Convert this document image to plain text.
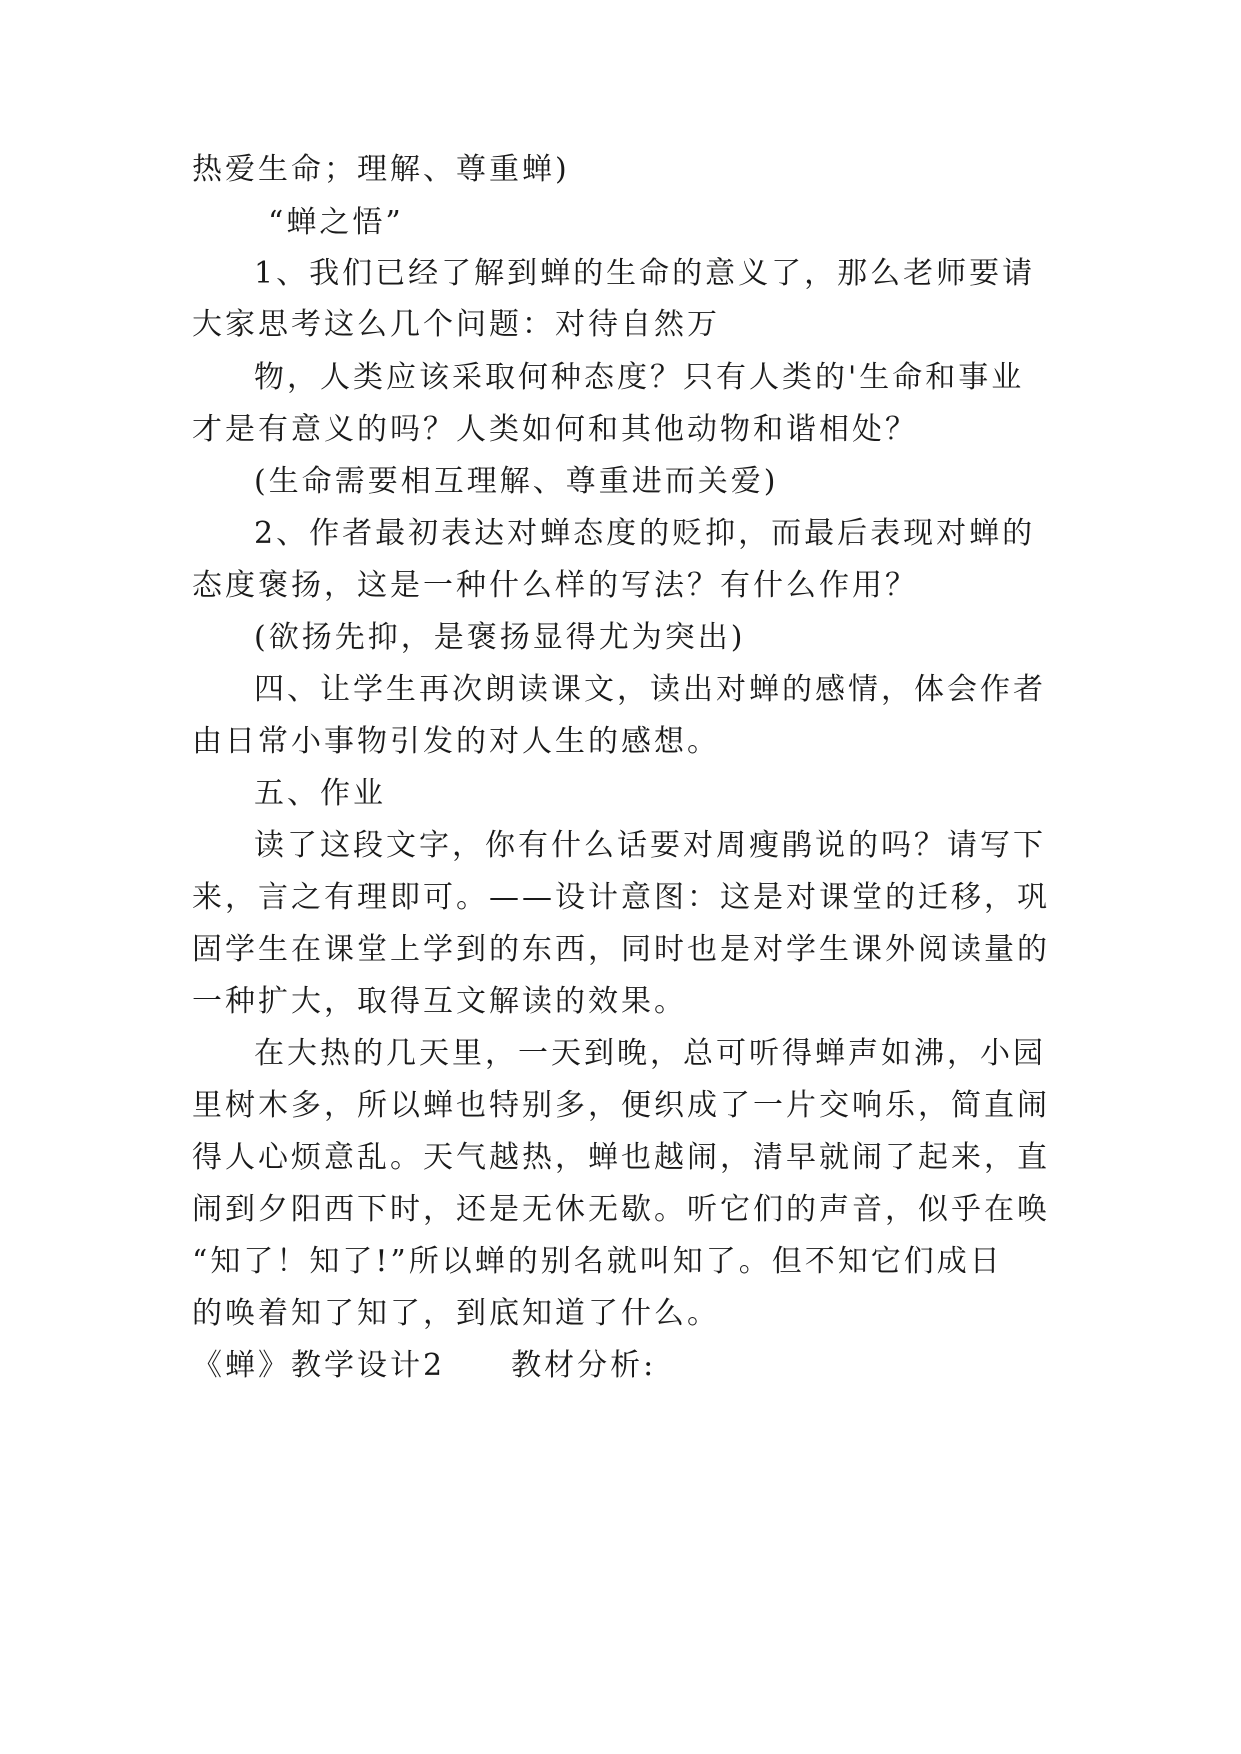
热爱生命；理解、尊重蝉)
“蝉之悟”
1、我们已经了解到蝉的生命的意义了，那么老师要请
大家思考这么几个问题：对待自然万
物，人类应该采取何种态度？只有人类的'生命和事业
才是有意义的吗？人类如何和其他动物和谐相处？
(生命需要相互理解、尊重进而关爱)
2、作者最初表达对蝉态度的贬抑，而最后表现对蝉的
态度褒扬，这是一种什么样的写法？有什么作用？
(欲扬先抑，是褒扬显得尤为突出)
四、让学生再次朗读课文，读出对蝉的感情，体会作者
由日常小事物引发的对人生的感想。
五、作业
读了这段文字，你有什么话要对周瘦鹃说的吗？请写下
来，言之有理即可。——设计意图：这是对课堂的迁移，巩
固学生在课堂上学到的东西，同时也是对学生课外阅读量的
一种扩大，取得互文解读的效果。
在大热的几天里，一天到晚，总可听得蝉声如沸，小园
里树木多，所以蝉也特别多，便织成了一片交响乐，简直闹
得人心烦意乱。天气越热，蝉也越闹，清早就闹了起来，直
闹到夕阳西下时，还是无休无歇。听它们的声音，似乎在唤
“知了！知了!”所以蝉的别名就叫知了。但不知它们成日
的唤着知了知了，到底知道了什么。
《蝉》教学设计2　　教材分析:
